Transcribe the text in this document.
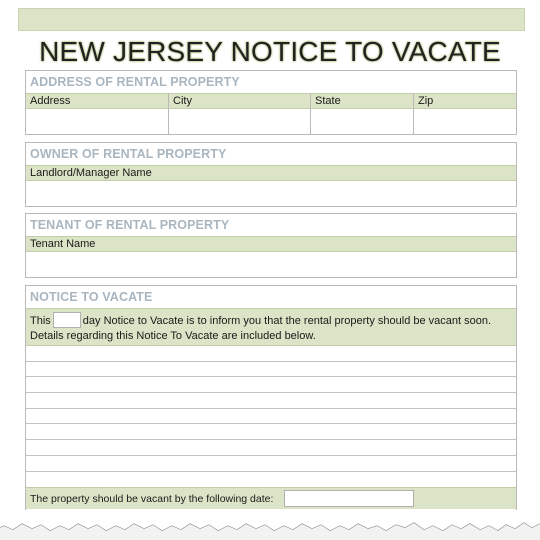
NEW JERSEY NOTICE TO VACATE
ADDRESS OF RENTAL PROPERTY
Address	City	State	Zip
OWNER OF RENTAL PROPERTY
Landlord/Manager Name
TENANT OF RENTAL PROPERTY
Tenant Name
NOTICE TO VACATE
This	day Notice to Vacate is to inform you that the rental property should be vacant soon.
Details regarding this Notice To Vacate are included below.
The property should be vacant by the following date:
